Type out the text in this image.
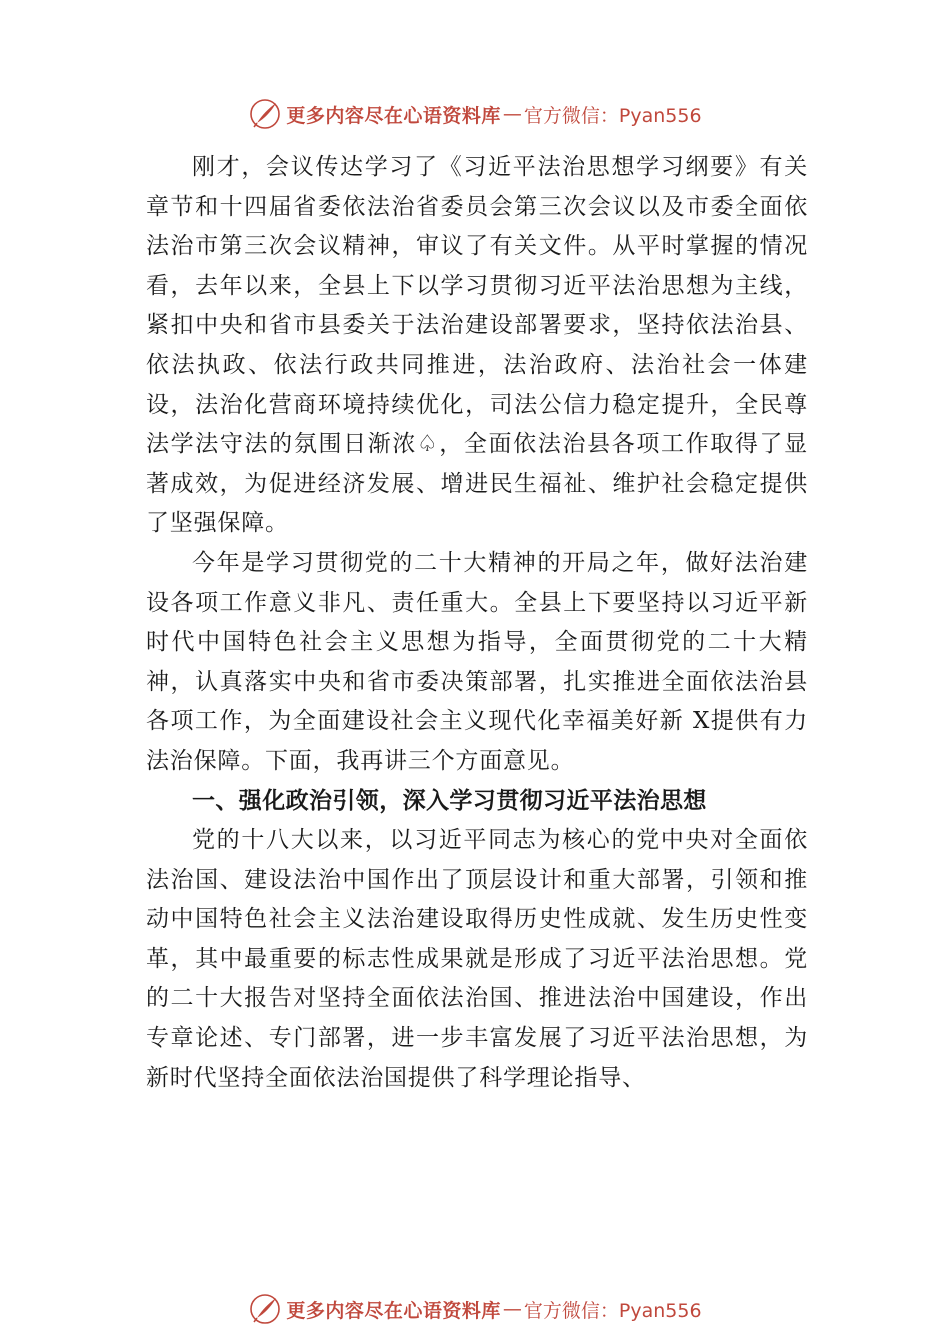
更多内容尽在心语资料库 — 官方微信：Pyan556

刚才，会议传达学习了《习近平法治思想学习纲要》有关章节和十四届省委依法治省委员会第三次会议以及市委全面依法治市第三次会议精神，审议了有关文件。从平时掌握的情况看，去年以来，全县上下以学习贯彻习近平法治思想为主线，紧扣中央和省市县委关于法治建设部署要求，坚持依法治县、依法执政、依法行政共同推进，法治政府、法治社会一体建设，法治化营商环境持续优化，司法公信力稳定提升，全民尊法学法守法的氛围日渐浓♤，全面依法治县各项工作取得了显著成效，为促进经济发展、增进民生福祉、维护社会稳定提供了坚强保障。

今年是学习贯彻党的二十大精神的开局之年，做好法治建设各项工作意义非凡、责任重大。全县上下要坚持以习近平新时代中国特色社会主义思想为指导，全面贯彻党的二十大精神，认真落实中央和省市委决策部署，扎实推进全面依法治县各项工作，为全面建设社会主义现代化幸福美好新 X提供有力法治保障。下面，我再讲三个方面意见。

一、强化政治引领，深入学习贯彻习近平法治思想

党的十八大以来，以习近平同志为核心的党中央对全面依法治国、建设法治中国作出了顶层设计和重大部署，引领和推动中国特色社会主义法治建设取得历史性成就、发生历史性变革，其中最重要的标志性成果就是形成了习近平法治思想。党的二十大报告对坚持全面依法治国、推进法治中国建设，作出专章论述、专门部署，进一步丰富发展了习近平法治思想，为新时代坚持全面依法治国提供了科学理论指导、

更多内容尽在心语资料库 — 官方微信：Pyan556
